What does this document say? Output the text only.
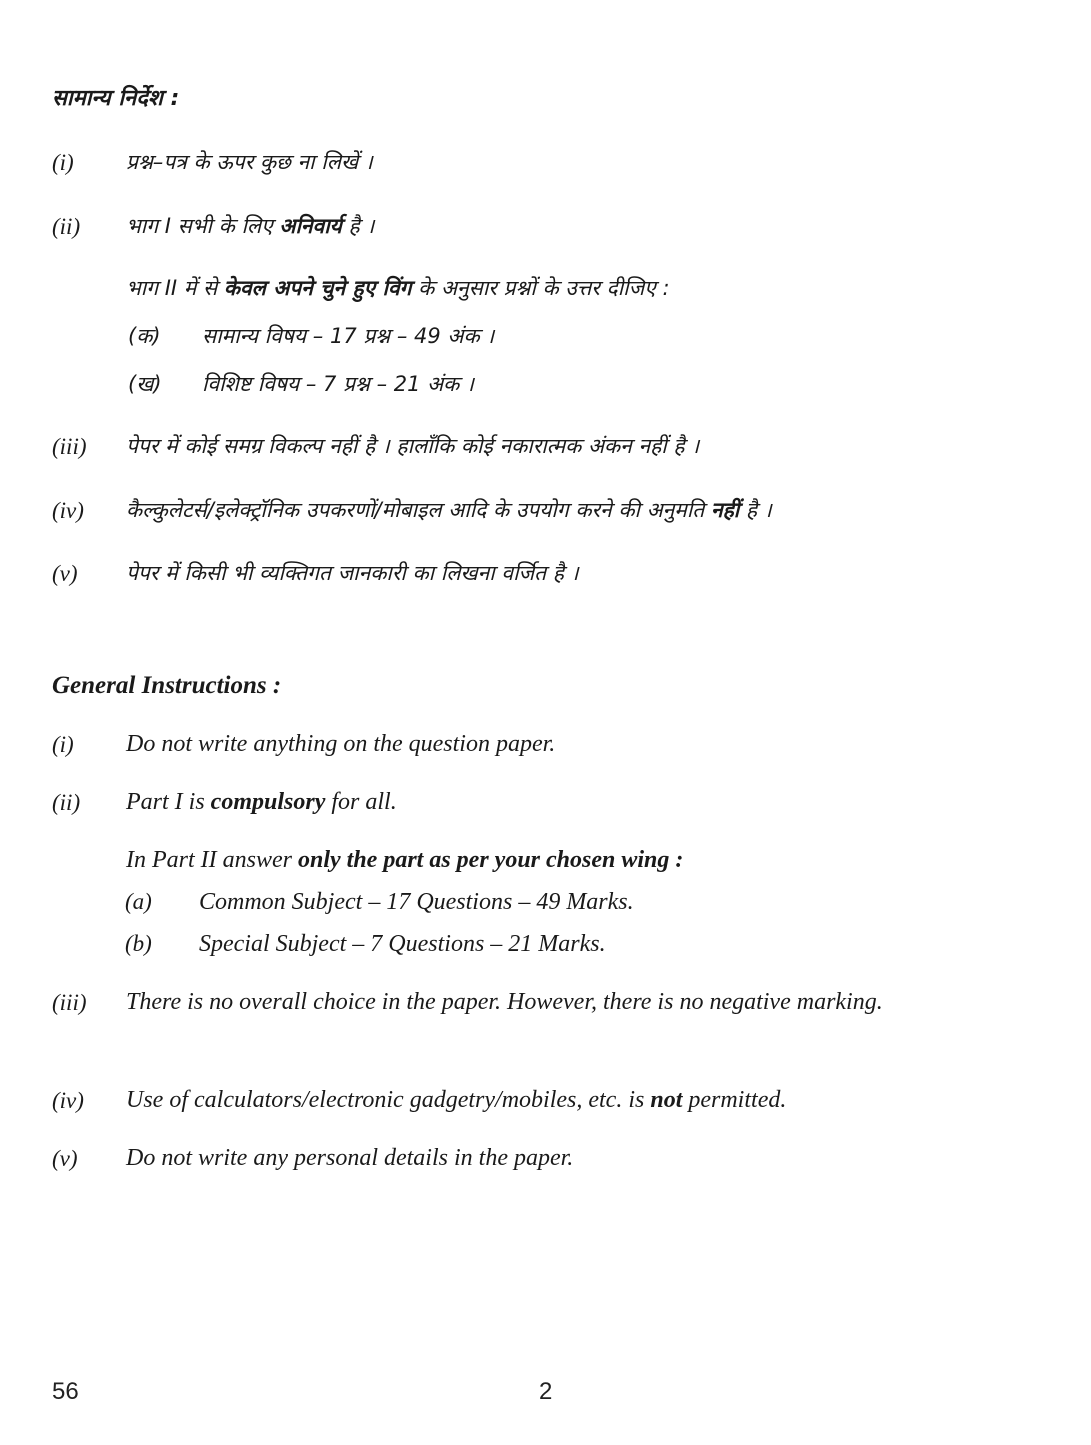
सामान्य निर्देश :
(i) प्रश्न–पत्र के ऊपर कुछ ना लिखें ।
(ii) भाग I सभी के लिए अनिवार्य है ।
भाग II में से केवल अपने चुने हुए विंग के अनुसार प्रश्नों के उत्तर दीजिए :
(क)	सामान्य विषय – 17 प्रश्न – 49 अंक ।
(ख)	विशिष्ट विषय – 7 प्रश्न – 21 अंक ।
(iii) पेपर में कोई समग्र विकल्प नहीं है । हालाँकि कोई नकारात्मक अंकन नहीं है ।
(iv) कैल्कुलेटर्स/इलेक्ट्रॉनिक उपकरणों/मोबाइल आदि के उपयोग करने की अनुमति नहीं है ।
(v) पेपर में किसी भी व्यक्तिगत जानकारी का लिखना वर्जित है ।
General Instructions :
(i) Do not write anything on the question paper.
(ii) Part I is compulsory for all.
In Part II answer only the part as per your chosen wing :
(a)	Common Subject – 17 Questions – 49 Marks.
(b)	Special Subject – 7 Questions – 21 Marks.
(iii) There is no overall choice in the paper. However, there is no negative marking.
(iv) Use of calculators/electronic gadgetry/mobiles, etc. is not permitted.
(v) Do not write any personal details in the paper.
56	2
